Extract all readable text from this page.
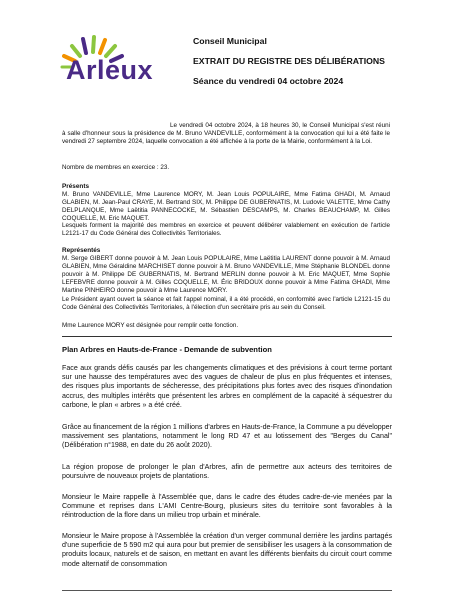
Arleux
Conseil Municipal
EXTRAIT DU REGISTRE DES DÉLIBÉRATIONS
Séance du vendredi 04 octobre 2024
Le vendredi 04 octobre 2024, à 18 heures 30, le Conseil Municipal s'est réuni à salle d'honneur sous la présidence de M. Bruno VANDEVILLE, conformément à la convocation qui lui a été faite le vendredi 27 septembre 2024, laquelle convocation a été affichée à la porte de la Mairie, conformément à la Loi.
Nombre de membres en exercice : 23.
Présents
M. Bruno VANDEVILLE, Mme Laurence MORY, M. Jean Louis POPULAIRE, Mme Fatima GHADI, M. Arnaud GLABIEN, M. Jean-Paul CRAYE, M. Bertrand SIX, M. Philippe DE GUBERNATIS, M. Ludovic VALETTE, Mme Cathy DELPLANQUE, Mme Laëtitia PANNECOCKE, M. Sébastien DESCAMPS, M. Charles BEAUCHAMP, M. Gilles COQUELLE, M. Eric MAQUET.
Lesquels forment la majorité des membres en exercice et peuvent délibérer valablement en exécution de l'article L2121-17 du Code Général des Collectivités Territoriales.
Représentés
M. Serge GIBERT donne pouvoir à M. Jean Louis POPULAIRE, Mme Laëtitia LAURENT donne pouvoir à M. Arnaud GLABIEN, Mme Géraldine MARCHISET donne pouvoir à M. Bruno VANDEVILLE, Mme Stéphanie BLONDEL donne pouvoir à M. Philippe DE GUBERNATIS, M. Bertrand MERLIN donne pouvoir à M. Eric MAQUET, Mme Sophie LEFEBVRE donne pouvoir à M. Gilles COQUELLE, M. Éric BRIDOUX donne pouvoir à Mme Fatima GHADI, Mme Martine PINHEIRO donne pouvoir à Mme Laurence MORY.
Le Président ayant ouvert la séance et fait l'appel nominal, il a été procédé, en conformité avec l'article L2121-15 du Code Général des Collectivités Territoriales, à l'élection d'un secrétaire pris au sein du Conseil.
Mme Laurence MORY est désignée pour remplir cette fonction.
Plan Arbres en Hauts-de-France - Demande de subvention
Face aux grands défis causés par les changements climatiques et des prévisions à court terme portant sur une hausse des températures avec des vagues de chaleur de plus en plus fréquentes et intenses, des risques plus importants de sécheresse, des précipitations plus fortes avec des risques d'inondation accrus, des multiples intérêts que présentent les arbres en complément de la capacité à séquestrer du carbone, le plan « arbres » a été créé.
Grâce au financement de la région 1 millions d'arbres en Hauts-de-France, la Commune a pu développer massivement ses plantations, notamment le long RD 47 et au lotissement des "Berges du Canal" (Délibération n°1988, en date du 26 août 2020).
La région propose de prolonger le plan d'Arbres, afin de permettre aux acteurs des territoires de poursuivre de nouveaux projets de plantations.
Monsieur le Maire rappelle à l'Assemblée que, dans le cadre des études cadre-de-vie menées par la Commune et reprises dans L'AMI Centre-Bourg, plusieurs sites du territoire sont favorables à la réintroduction de la flore dans un milieu trop urbain et minérale.
Monsieur le Maire propose à l'Assemblée la création d'un verger communal derrière les jardins partagés d'une superficie de 5 590 m2 qui aura pour but premier de sensibiliser les usagers à la consommation de produits locaux, naturels et de saison, en mettant en avant les différents bienfaits du circuit court comme mode alternatif de consommation
